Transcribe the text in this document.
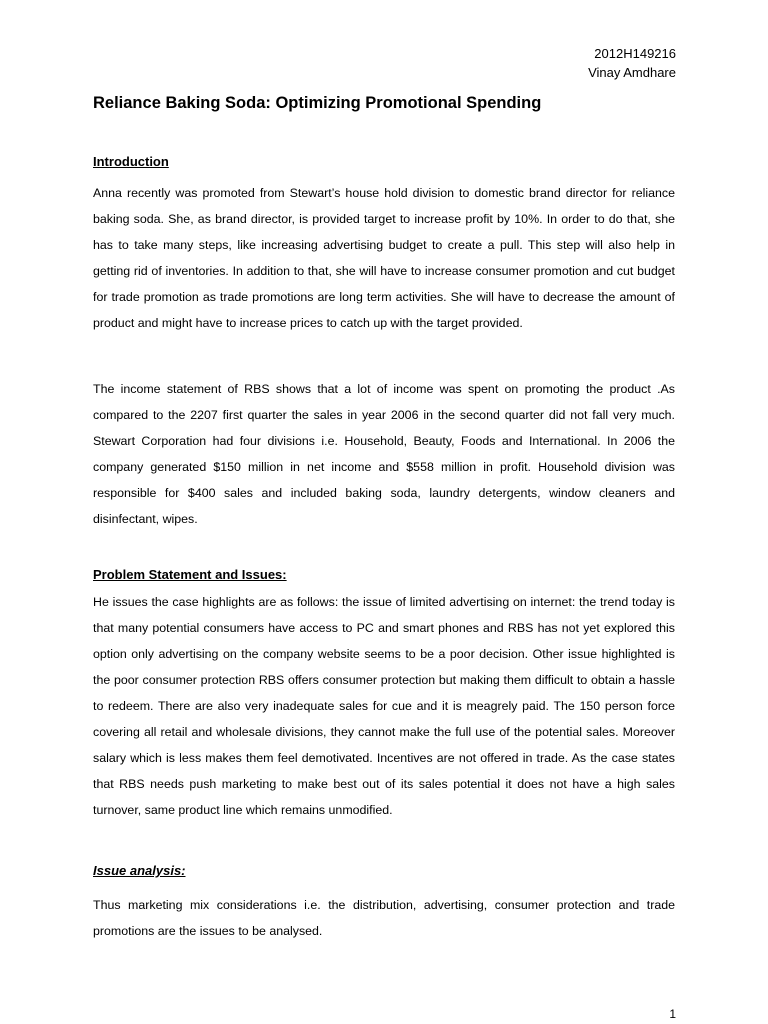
2012H149216
Vinay Amdhare
Reliance Baking Soda: Optimizing Promotional Spending
Introduction

Anna recently was promoted from Stewart’s house hold division to domestic brand director for reliance baking soda. She, as brand director, is provided target to increase profit by 10%. In order to do that, she has to take many steps, like increasing advertising budget to create a pull. This step will also help in getting rid of inventories. In addition to that, she will have to increase consumer promotion and cut budget for trade promotion as trade promotions are long term activities. She will have to decrease the amount of product and might have to increase prices to catch up with the target provided.

The income statement of RBS shows that a lot of income was spent on promoting the product .As compared to the 2207 first quarter the sales in year 2006 in the second quarter did not fall very much. Stewart Corporation had four divisions i.e. Household, Beauty, Foods and International. In 2006 the company generated $150 million in net income and $558 million in profit. Household division was responsible for $400 sales and included baking soda, laundry detergents, window cleaners and disinfectant, wipes.

Problem Statement and Issues:

He issues the case highlights are as follows: the issue of limited advertising on internet: the trend today is that many potential consumers have access to PC and smart phones and RBS has not yet explored this option only advertising on the company website seems to be a poor decision. Other issue highlighted is the poor consumer protection RBS offers consumer protection but making them difficult to obtain a hassle to redeem. There are also very inadequate sales for cue and it is meagrely paid. The 150 person force covering all retail and wholesale divisions, they cannot make the full use of the potential sales. Moreover salary which is less makes them feel demotivated. Incentives are not offered in trade. As the case states that RBS needs push marketing to make best out of its sales potential it does not have a high sales turnover, same product line which remains unmodified.

Issue analysis:

Thus marketing mix considerations i.e. the distribution, advertising, consumer protection and trade promotions are the issues to be analysed.

1
